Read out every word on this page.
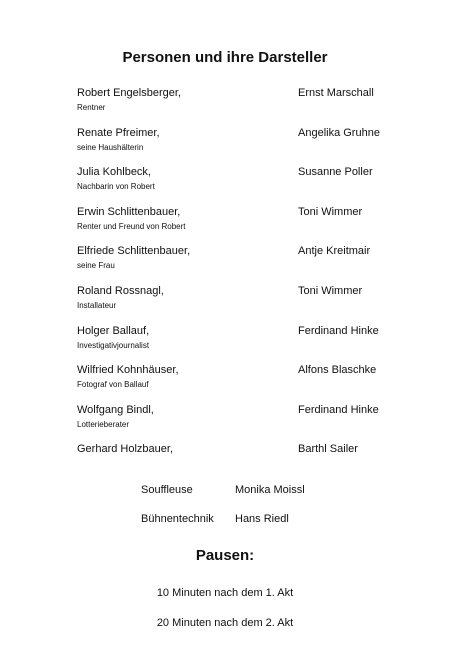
Personen und ihre Darsteller
Robert Engelsberger,
Rentner
Ernst Marschall
Renate Pfreimer,
seine Haushälterin
Angelika Gruhne
Julia Kohlbeck,
Nachbarin von Robert
Susanne Poller
Erwin Schlittenbauer,
Renter und Freund von Robert
Toni Wimmer
Elfriede Schlittenbauer,
seine Frau
Antje Kreitmair
Roland Rossnagl,
Installateur
Toni Wimmer
Holger Ballauf,
Investigativjournalist
Ferdinand Hinke
Wilfried Kohnhäuser,
Fotograf von Ballauf
Alfons Blaschke
Wolfgang Bindl,
Lotterieberater
Ferdinand Hinke
Gerhard Holzbauer,	Barthl Sailer
Souffleuse	Monika Moissl
Bühnentechnik Hans Riedl
Pausen:
10 Minuten nach dem 1. Akt
20 Minuten nach dem 2. Akt
